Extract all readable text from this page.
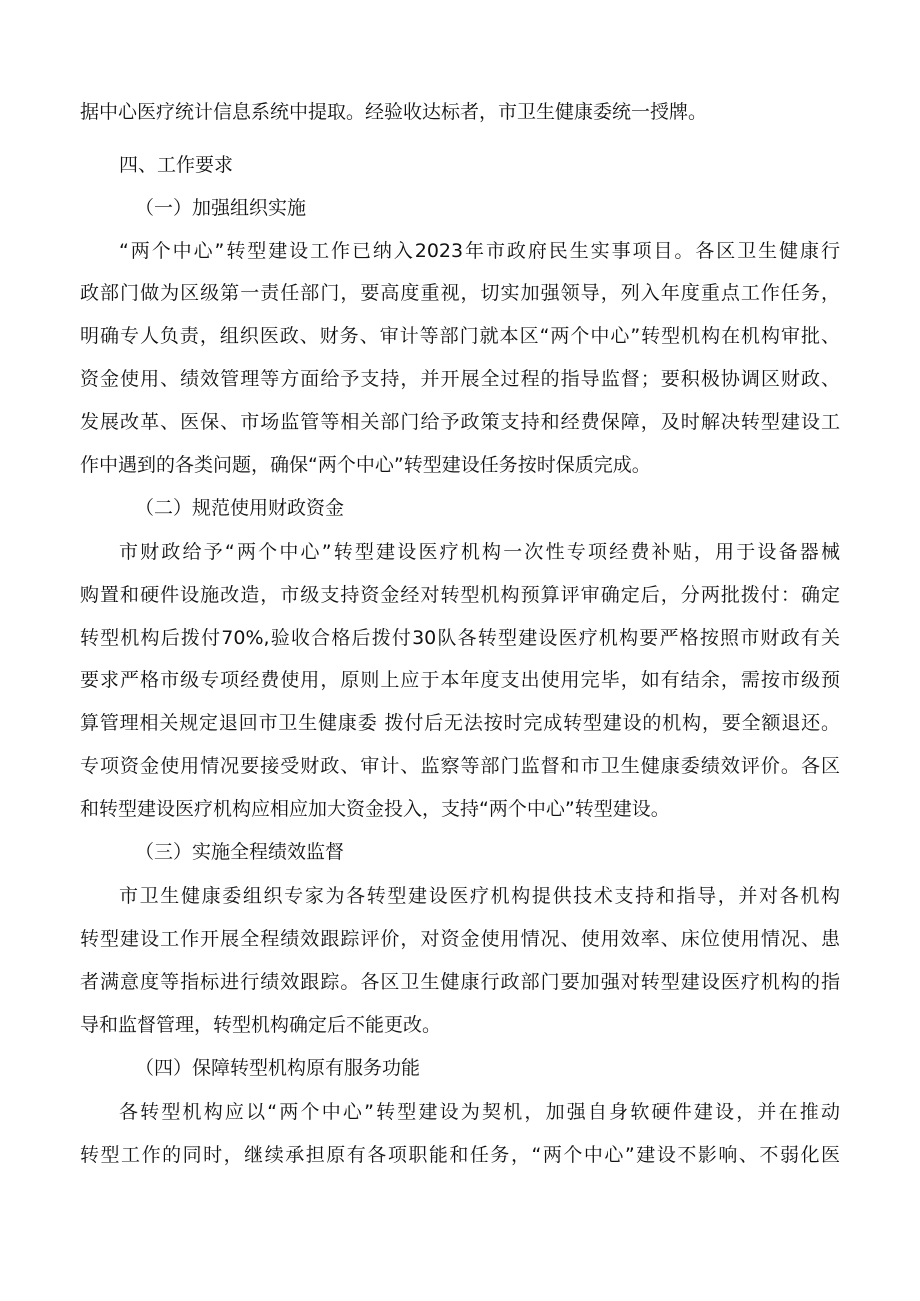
据中心医疗统计信息系统中提取。经验收达标者，市卫生健康委统一授牌。
四、工作要求
（一）加强组织实施
“两个中心”转型建设工作已纳入2023年市政府民生实事项目。各区卫生健康行
政部门做为区级第一责任部门，要高度重视，切实加强领导，列入年度重点工作任务，
明确专人负责，组织医政、财务、审计等部门就本区“两个中心”转型机构在机构审批、
资金使用、绩效管理等方面给予支持，并开展全过程的指导监督；要积极协调区财政、
发展改革、医保、市场监管等相关部门给予政策支持和经费保障，及时解决转型建设工
作中遇到的各类问题，确保“两个中心”转型建设任务按时保质完成。
（二）规范使用财政资金
市财政给予“两个中心”转型建设医疗机构一次性专项经费补贴，用于设备器械
购置和硬件设施改造，市级支持资金经对转型机构预算评审确定后，分两批拨付：确定
转型机构后拨付70%,验收合格后拨付30队各转型建设医疗机构要严格按照市财政有关
要求严格市级专项经费使用，原则上应于本年度支出使用完毕，如有结余，需按市级预
算管理相关规定退回市卫生健康委 拨付后无法按时完成转型建设的机构，要全额退还。
专项资金使用情况要接受财政、审计、监察等部门监督和市卫生健康委绩效评价。各区
和转型建设医疗机构应相应加大资金投入，支持“两个中心”转型建设。
（三）实施全程绩效监督
市卫生健康委组织专家为各转型建设医疗机构提供技术支持和指导，并对各机构
转型建设工作开展全程绩效跟踪评价，对资金使用情况、使用效率、床位使用情况、患
者满意度等指标进行绩效跟踪。各区卫生健康行政部门要加强对转型建设医疗机构的指
导和监督管理，转型机构确定后不能更改。
（四）保障转型机构原有服务功能
各转型机构应以“两个中心”转型建设为契机，加强自身软硬件建设，并在推动
转型工作的同时，继续承担原有各项职能和任务，“两个中心”建设不影响、不弱化医
